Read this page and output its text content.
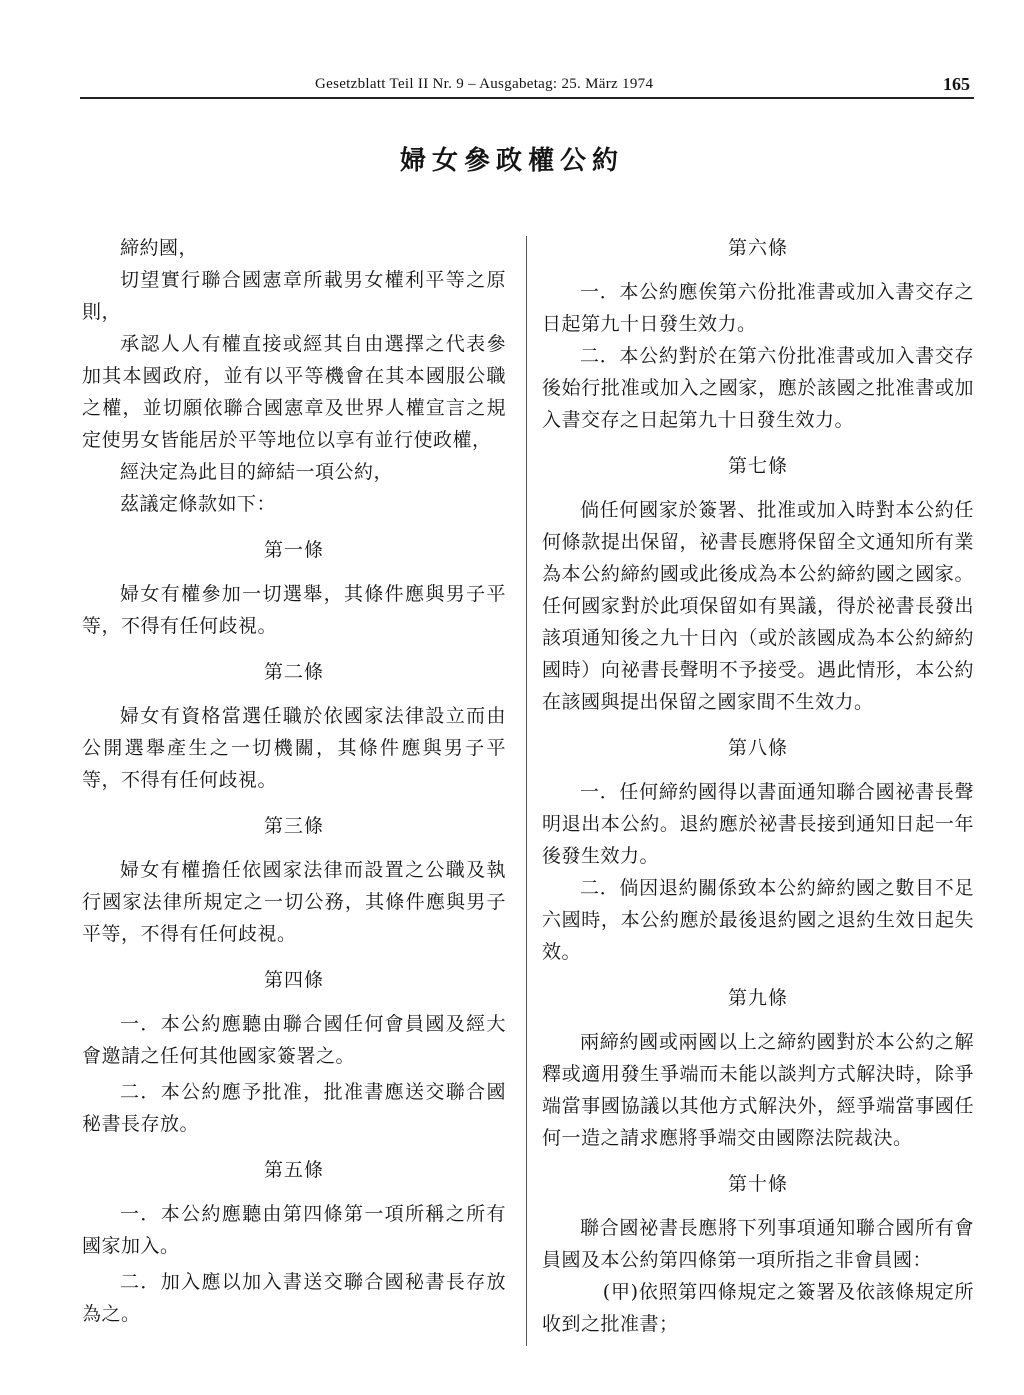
Gesetzblatt Teil II Nr. 9 – Ausgabetag: 25. März 1974	165
婦女參政權公約

締約國，

切望實行聯合國憲章所載男女權利平等之原則，

承認人人有權直接或經其自由選擇之代表參加其本國政府，並有以平等機會在其本國服公職之權，並切願依聯合國憲章及世界人權宣言之規定使男女皆能居於平等地位以享有並行使政權，

經決定為此目的締結一項公約，

茲議定條款如下：

第一條

婦女有權參加一切選舉，其條件應與男子平等，不得有任何歧視。

第二條

婦女有資格當選任職於依國家法律設立而由公開選舉產生之一切機關，其條件應與男子平等，不得有任何歧視。

第三條

婦女有權擔任依國家法律而設置之公職及執行國家法律所規定之一切公務，其條件應與男子平等，不得有任何歧視。

第四條

一．本公約應聽由聯合國任何會員國及經大會邀請之任何其他國家簽署之。

二．本公約應予批准，批准書應送交聯合國秘書長存放。

第五條

一．本公約應聽由第四條第一項所稱之所有國家加入。

二．加入應以加入書送交聯合國秘書長存放為之。

第六條

一．本公約應俟第六份批准書或加入書交存之日起第九十日發生效力。

二．本公約對於在第六份批准書或加入書交存後始行批准或加入之國家，應於該國之批准書或加入書交存之日起第九十日發生效力。

第七條

倘任何國家於簽署、批准或加入時對本公約任何條款提出保留，祕書長應將保留全文通知所有業為本公約締約國或此後成為本公約締約國之國家。任何國家對於此項保留如有異議，得於祕書長發出該項通知後之九十日內（或於該國成為本公約締約國時）向祕書長聲明不予接受。遇此情形，本公約在該國與提出保留之國家間不生效力。

第八條

一．任何締約國得以書面通知聯合國祕書長聲明退出本公約。退約應於祕書長接到通知日起一年後發生效力。

二．倘因退約關係致本公約締約國之數目不足六國時，本公約應於最後退約國之退約生效日起失效。

第九條

兩締約國或兩國以上之締約國對於本公約之解釋或適用發生爭端而未能以談判方式解決時，除爭端當事國協議以其他方式解決外，經爭端當事國任何一造之請求應將爭端交由國際法院裁決。

第十條

聯合國祕書長應將下列事項通知聯合國所有會員國及本公約第四條第一項所指之非會員國：

(甲)依照第四條規定之簽署及依該條規定所收到之批准書；
